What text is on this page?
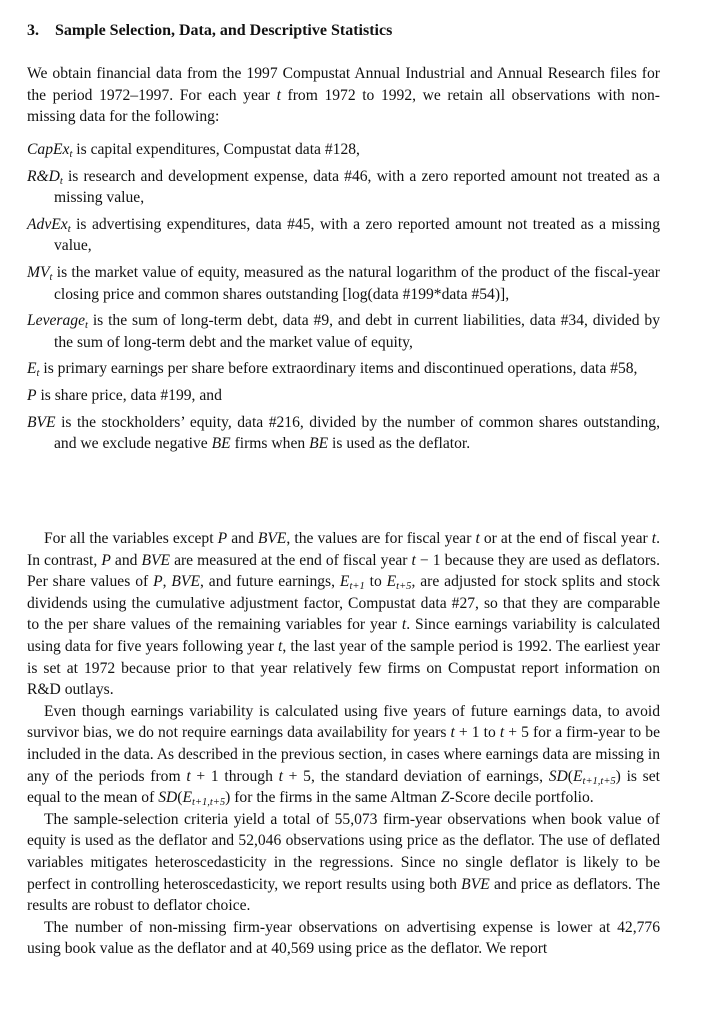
3. Sample Selection, Data, and Descriptive Statistics

We obtain financial data from the 1997 Compustat Annual Industrial and Annual Research files for the period 1972–1997. For each year t from 1972 to 1992, we retain all observations with non-missing data for the following:

CapEx$_t$ is capital expenditures, Compustat data #128,

$R\&D_t$ is research and development expense, data #46, with a zero reported amount not treated as a missing value,

AdvEx$_t$ is advertising expenditures, data #45, with a zero reported amount not treated as a missing value,

$MV_t$ is the market value of equity, measured as the natural logarithm of the product of the fiscal-year closing price and common shares outstanding [log(data #199*data #54)],

Leverage$_t$ is the sum of long-term debt, data #9, and debt in current liabilities, data #34, divided by the sum of long-term debt and the market value of equity,

$E_t$ is primary earnings per share before extraordinary items and discontinued operations, data #58,

P is share price, data #199, and

BVE is the stockholders’ equity, data #216, divided by the number of common shares outstanding, and we exclude negative BE firms when BE is used as the deflator.

For all the variables except P and BVE, the values are for fiscal year t or at the end of fiscal year t. In contrast, P and BVE are measured at the end of fiscal year t − 1 because they are used as deflators. Per share values of P, BVE, and future earnings, $E_{t+1}$ to $E_{t+5}$, are adjusted for stock splits and stock dividends using the cumulative adjustment factor, Compustat data #27, so that they are comparable to the per share values of the remaining variables for year t. Since earnings variability is calculated using data for five years following year t, the last year of the sample period is 1992. The earliest year is set at 1972 because prior to that year relatively few firms on Compustat report information on R&D outlays.

Even though earnings variability is calculated using five years of future earnings data, to avoid survivor bias, we do not require earnings data availability for years t + 1 to t + 5 for a firm-year to be included in the data. As described in the previous section, in cases where earnings data are missing in any of the periods from t + 1 through t + 5, the standard deviation of earnings, $SD(E_{t+1,t+5})$ is set equal to the mean of $SD(E_{t+1,t+5})$ for the firms in the same Altman Z-Score decile portfolio.

The sample-selection criteria yield a total of 55,073 firm-year observations when book value of equity is used as the deflator and 52,046 observations using price as the deflator. The use of deflated variables mitigates heteroscedasticity in the regressions. Since no single deflator is likely to be perfect in controlling heteroscedasticity, we report results using both BVE and price as deflators. The results are robust to deflator choice.

The number of non-missing firm-year observations on advertising expense is lower at 42,776 using book value as the deflator and at 40,569 using price as the deflator. We report
